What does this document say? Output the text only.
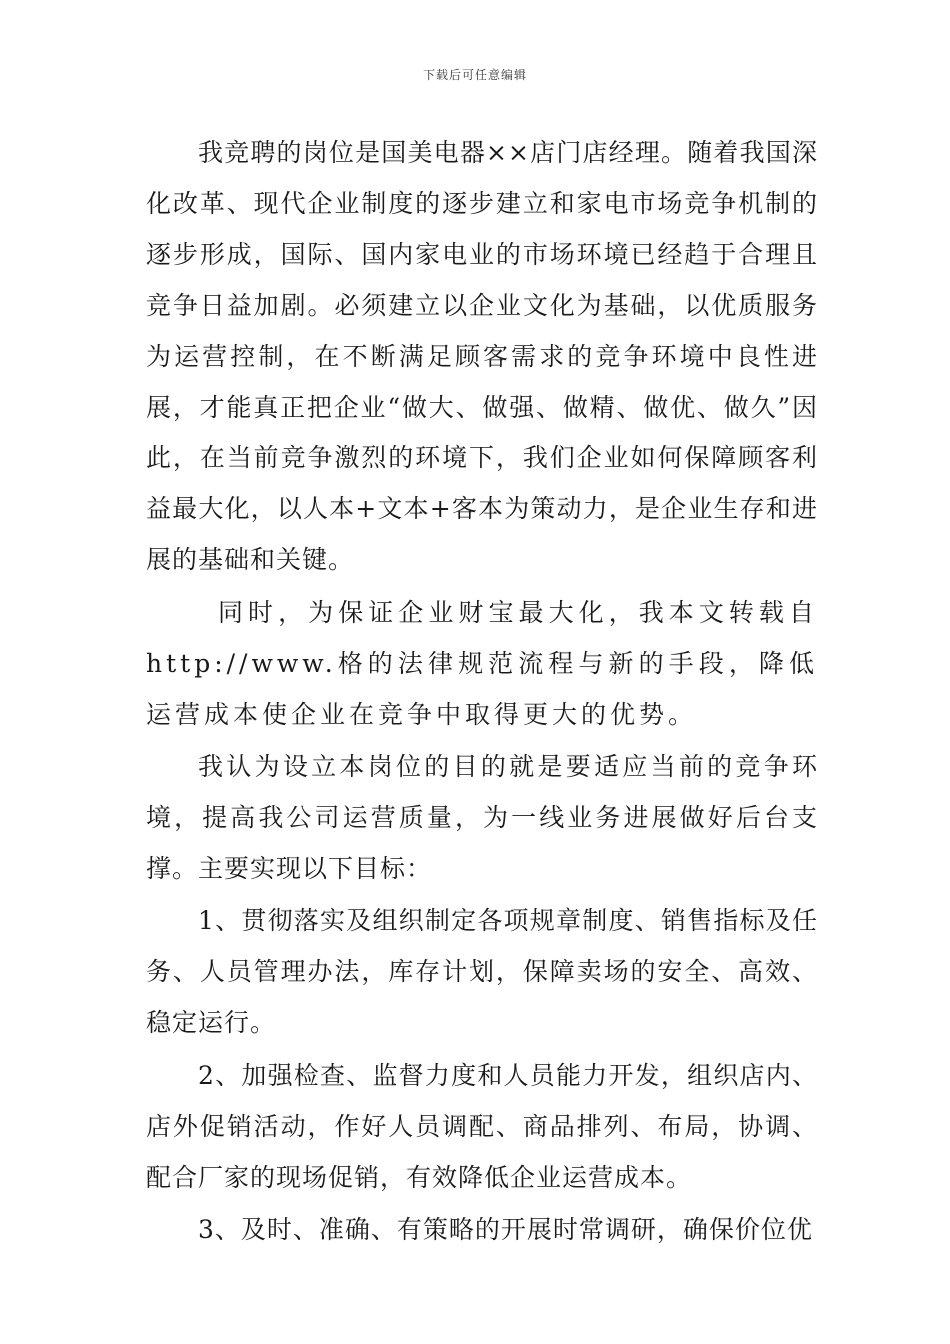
下载后可任意编辑

我竞聘的岗位是国美电器××店门店经理。随着我国深化改革、现代企业制度的逐步建立和家电市场竞争机制的逐步形成，国际、国内家电业的市场环境已经趋于合理且竞争日益加剧。必须建立以企业文化为基础，以优质服务为运营控制，在不断满足顾客需求的竞争环境中良性进展，才能真正把企业“做大、做强、做精、做优、做久”因此，在当前竞争激烈的环境下，我们企业如何保障顾客利益最大化，以人本+文本+客本为策动力，是企业生存和进展的基础和关键。

同时，为保证企业财宝最大化，我本文转载自http://www.格的法律规范流程与新的手段，降低运营成本使企业在竞争中取得更大的优势。

我认为设立本岗位的目的就是要适应当前的竞争环境，提高我公司运营质量，为一线业务进展做好后台支撑。主要实现以下目标：

1、贯彻落实及组织制定各项规章制度、销售指标及任务、人员管理办法，库存计划，保障卖场的安全、高效、稳定运行。

2、加强检查、监督力度和人员能力开发，组织店内、店外促销活动，作好人员调配、商品排列、布局，协调、配合厂家的现场促销，有效降低企业运营成本。

3、及时、准确、有策略的开展时常调研，确保价位优
